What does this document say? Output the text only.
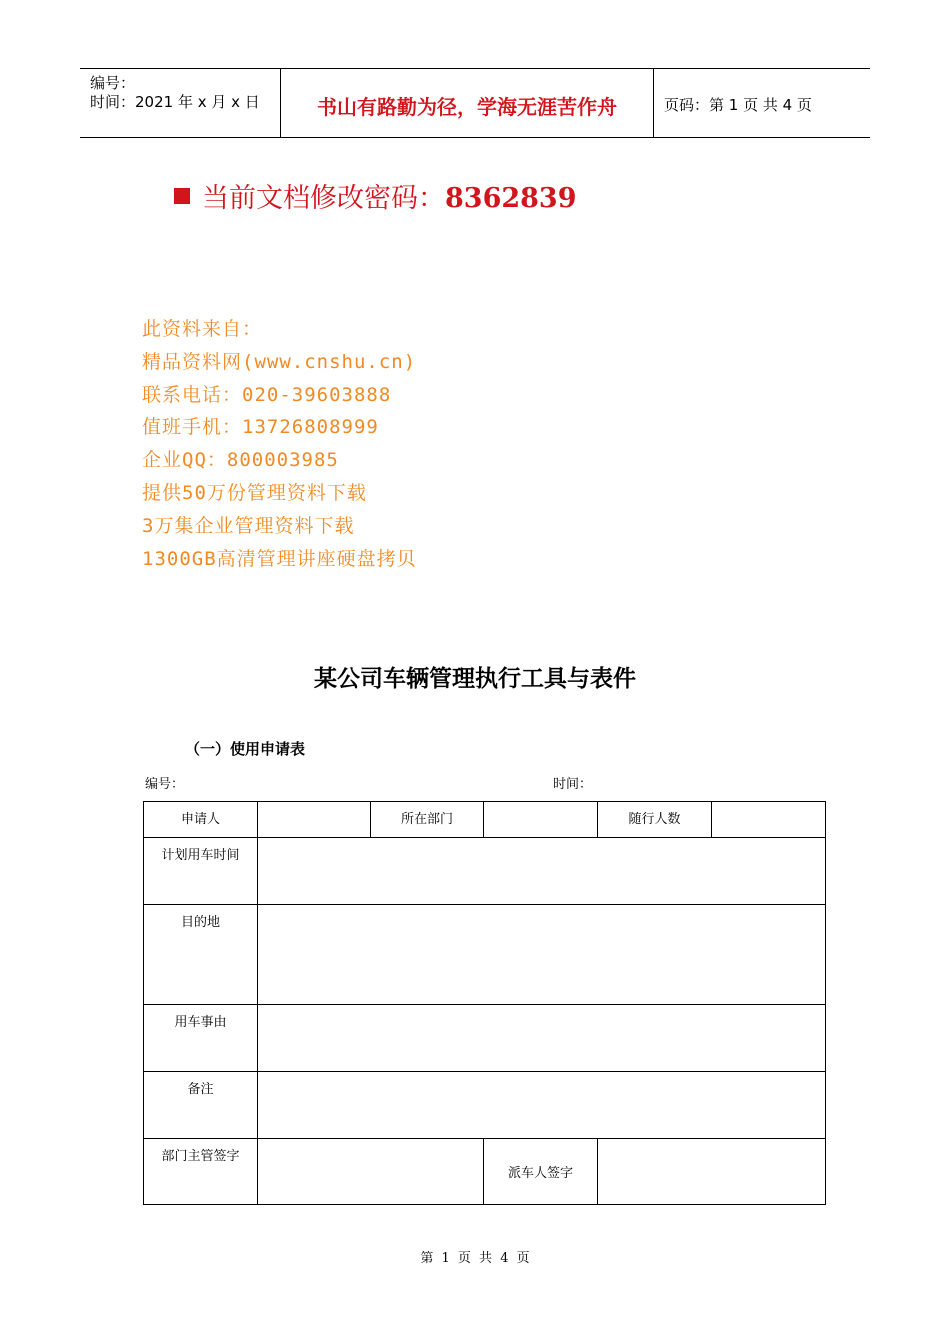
编号：
时间：2021 年 x 月 x 日	书山有路勤为径，学海无涯苦作舟	页码：第 1 页 共 4 页
当前文档修改密码：8362839
此资料来自：
精品资料网(www.cnshu.cn)
联系电话：020-39603888
值班手机：13726808999
企业QQ：800003985
提供50万份管理资料下载
3万集企业管理资料下载
1300GB高清管理讲座硬盘拷贝
某公司车辆管理执行工具与表件
（一）使用申请表
编号：	时间：
申请人		所在部门		随行人数	
计划用车时间					
目的地					
用车事由					
备注					
部门主管签字			派车人签字		
第 1 页 共 4 页
